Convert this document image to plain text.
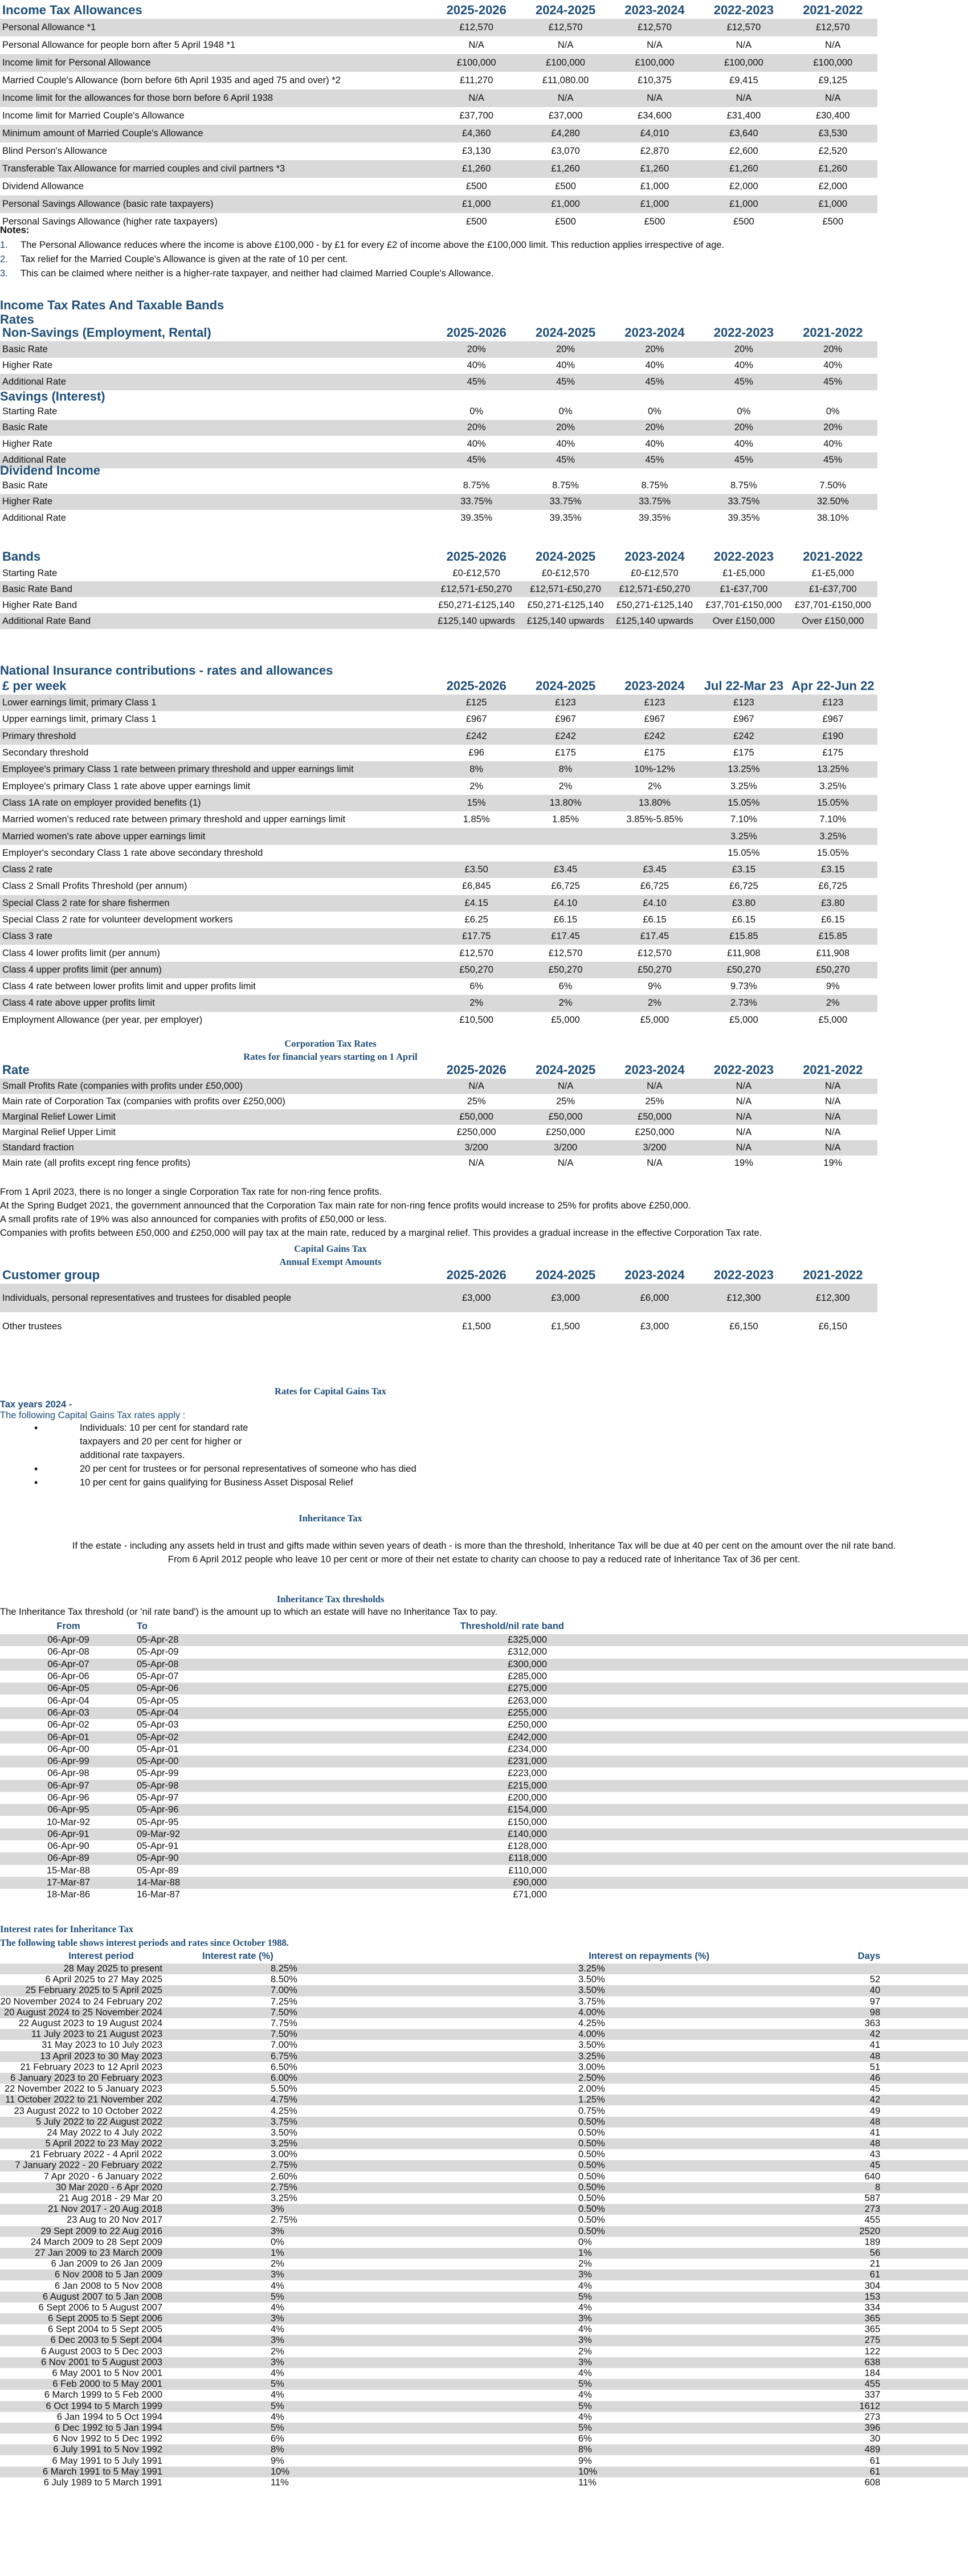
Income Tax Allowances	2025-2026	2024-2025	2023-2024	2022-2023	2021-2022
Personal Allowance *1	£12,570	£12,570	£12,570	£12,570	£12,570
Personal Allowance for people born after 5 April 1948 *1	N/A	N/A	N/A	N/A	N/A
Income limit for Personal Allowance	£100,000	£100,000	£100,000	£100,000	£100,000
Married Couple's Allowance (born before 6th April 1935 and aged 75 and over) *2	£11,270	£11,080.00	£10,375	£9,415	£9,125
Income limit for the allowances for those born before 6 April 1938	N/A	N/A	N/A	N/A	N/A
Income limit for Married Couple's Allowance	£37,700	£37,000	£34,600	£31,400	£30,400
Minimum amount of Married Couple's Allowance	£4,360	£4,280	£4,010	£3,640	£3,530
Blind Person's Allowance	£3,130	£3,070	£2,870	£2,600	£2,520
Transferable Tax Allowance for married couples and civil partners *3	£1,260	£1,260	£1,260	£1,260	£1,260
Dividend Allowance	£500	£500	£1,000	£2,000	£2,000
Personal Savings Allowance (basic rate taxpayers)	£1,000	£1,000	£1,000	£1,000	£1,000
Personal Savings Allowance (higher rate taxpayers)	£500	£500	£500	£500	£500
Notes:
1. The Personal Allowance reduces where the income is above £100,000 - by £1 for every £2 of income above the £100,000 limit. This reduction applies irrespective of age.
2. Tax relief for the Married Couple's Allowance is given at the rate of 10 per cent.
3. This can be claimed where neither is a higher-rate taxpayer, and neither had claimed Married Couple's Allowance.
Income Tax Rates And Taxable Bands
Rates
Non-Savings (Employment, Rental)	2025-2026	2024-2025	2023-2024	2022-2023	2021-2022
Basic Rate	20%	20%	20%	20%	20%
Higher Rate	40%	40%	40%	40%	40%
Additional Rate	45%	45%	45%	45%	45%
Savings (Interest)
Starting Rate	0%	0%	0%	0%	0%
Basic Rate	20%	20%	20%	20%	20%
Higher Rate	40%	40%	40%	40%	40%
Additional Rate	45%	45%	45%	45%	45%
Dividend Income
Basic Rate	8.75%	8.75%	8.75%	8.75%	7.50%
Higher Rate	33.75%	33.75%	33.75%	33.75%	32.50%
Additional Rate	39.35%	39.35%	39.35%	39.35%	38.10%
Bands	2025-2026	2024-2025	2023-2024	2022-2023	2021-2022
Starting Rate	£0-£12,570	£0-£12,570	£0-£12,570	£1-£5,000	£1-£5,000
Basic Rate Band	£12,571-£50,270	£12,571-£50,270	£12,571-£50,270	£1-£37,700	£1-£37,700
Higher Rate Band	£50,271-£125,140	£50,271-£125,140	£50,271-£125,140	£37,701-£150,000	£37,701-£150,000
Additional Rate Band	£125,140 upwards	£125,140 upwards	£125,140 upwards	Over £150,000	Over £150,000
National Insurance contributions - rates and allowances
£ per week	2025-2026	2024-2025	2023-2024	Jul 22-Mar 23	Apr 22-Jun 22
Lower earnings limit, primary Class 1	£125	£123	£123	£123	£123
Upper earnings limit, primary Class 1	£967	£967	£967	£967	£967
Primary threshold	£242	£242	£242	£242	£190
Secondary threshold	£96	£175	£175	£175	£175
Employee's primary Class 1 rate between primary threshold and upper earnings limit	8%	8%	10%-12%	13.25%	13.25%
Employee's primary Class 1 rate above upper earnings limit	2%	2%	2%	3.25%	3.25%
Class 1A rate on employer provided benefits (1)	15%	13.80%	13.80%	15.05%	15.05%
Married women's reduced rate between primary threshold and upper earnings limit	1.85%	1.85%	3.85%-5.85%	7.10%	7.10%
Married women's rate above upper earnings limit				3.25%	3.25%
Employer's secondary Class 1 rate above secondary threshold				15.05%	15.05%
Class 2 rate	£3.50	£3.45	£3.45	£3.15	£3.15
Class 2 Small Profits Threshold (per annum)	£6,845	£6,725	£6,725	£6,725	£6,725
Special Class 2 rate for share fishermen	£4.15	£4.10	£4.10	£3.80	£3.80
Special Class 2 rate for volunteer development workers	£6.25	£6.15	£6.15	£6.15	£6.15
Class 3 rate	£17.75	£17.45	£17.45	£15.85	£15.85
Class 4 lower profits limit (per annum)	£12,570	£12,570	£12,570	£11,908	£11,908
Class 4 upper profits limit (per annum)	£50,270	£50,270	£50,270	£50,270	£50,270
Class 4 rate between lower profits limit and upper profits limit	6%	6%	9%	9.73%	9%
Class 4 rate above upper profits limit	2%	2%	2%	2.73%	2%
Employment Allowance (per year, per employer)	£10,500	£5,000	£5,000	£5,000	£5,000
Corporation Tax Rates
Rates for financial years starting on 1 April
Rate	2025-2026	2024-2025	2023-2024	2022-2023	2021-2022
Small Profits Rate (companies with profits under £50,000)	N/A	N/A	N/A	N/A	N/A
Main rate of Corporation Tax (companies with profits over £250,000)	25%	25%	25%	N/A	N/A
Marginal Relief Lower Limit	£50,000	£50,000	£50,000	N/A	N/A
Marginal Relief Upper Limit	£250,000	£250,000	£250,000	N/A	N/A
Standard fraction	3/200	3/200	3/200	N/A	N/A
Main rate (all profits except ring fence profits)	N/A	N/A	N/A	19%	19%

From 1 April 2023, there is no longer a single Corporation Tax rate for non-ring fence profits.

At the Spring Budget 2021, the government announced that the Corporation Tax main rate for non-ring fence profits would increase to 25% for profits above £250,000.

A small profits rate of 19% was also announced for companies with profits of £50,000 or less.

Companies with profits between £50,000 and £250,000 will pay tax at the main rate, reduced by a marginal relief. This provides a gradual increase in the effective Corporation Tax rate.

Capital Gains Tax
Annual Exempt Amounts
Customer group	2025-2026	2024-2025	2023-2024	2022-2023	2021-2022
Individuals, personal representatives and trustees for disabled people	£3,000	£3,000	£6,000	£12,300	£12,300
Other trustees	£1,500	£1,500	£3,000	£6,150	£6,150
Rates for Capital Gains Tax
Tax years 2024 -
The following Capital Gains Tax rates apply :
•	Individuals: 10 per cent for standard rate taxpayers and 20 per cent for higher or additional rate taxpayers.
•	20 per cent for trustees or for personal representatives of someone who has died
•	10 per cent for gains qualifying for Business Asset Disposal Relief
Inheritance Tax
If the estate - including any assets held in trust and gifts made within seven years of death - is more than the threshold, Inheritance Tax will be due at 40 per cent on the amount over the nil rate band.
From 6 April 2012 people who leave 10 per cent or more of their net estate to charity can choose to pay a reduced rate of Inheritance Tax of 36 per cent.
Inheritance Tax thresholds
The Inheritance Tax threshold (or 'nil rate band') is the amount up to which an estate will have no Inheritance Tax to pay.
From	To	Threshold/nil rate band	
06-Apr-09	05-Apr-28	£325,000	
06-Apr-08	05-Apr-09	£312,000	
06-Apr-07	05-Apr-08	£300,000	
06-Apr-06	05-Apr-07	£285,000	
06-Apr-05	05-Apr-06	£275,000	
06-Apr-04	05-Apr-05	£263,000	
06-Apr-03	05-Apr-04	£255,000	
06-Apr-02	05-Apr-03	£250,000	
06-Apr-01	05-Apr-02	£242,000	
06-Apr-00	05-Apr-01	£234,000	
06-Apr-99	05-Apr-00	£231,000	
06-Apr-98	05-Apr-99	£223,000	
06-Apr-97	05-Apr-98	£215,000	
06-Apr-96	05-Apr-97	£200,000	
06-Apr-95	05-Apr-96	£154,000	
10-Mar-92	05-Apr-95	£150,000	
06-Apr-91	09-Mar-92	£140,000	
06-Apr-90	05-Apr-91	£128,000	
06-Apr-89	05-Apr-90	£118,000	
15-Mar-88	05-Apr-89	£110,000	
17-Mar-87	14-Mar-88	£90,000	
18-Mar-86	16-Mar-87	£71,000	
Interest rates for Inheritance Tax
The following table shows interest periods and rates since October 1988.
Interest period	Interest rate (%)	Interest on repayments (%)	Days	
28 May 2025 to present	8.25%	3.25%		
6 April 2025 to 27 May 2025	8.50%	3.50%	52	
25 February 2025 to 5 April 2025	7.00%	3.50%	40	
20 November 2024 to 24 February 202	7.25%	3.75%	97	
20 August 2024 to 25 November 2024	7.50%	4.00%	98	
22 August 2023 to 19 August 2024	7.75%	4.25%	363	
11 July 2023 to 21 August 2023	7.50%	4.00%	42	
31 May 2023 to 10 July 2023	7.00%	3.50%	41	
13 April 2023 to 30 May 2023	6.75%	3.25%	48	
21 February 2023 to 12 April 2023	6.50%	3.00%	51	
6 January 2023 to 20 February 2023	6.00%	2.50%	46	
22 November 2022 to 5 January 2023	5.50%	2.00%	45	
11 October 2022 to 21 November 202	4.75%	1.25%	42	
23 August 2022 to 10 October 2022	4.25%	0.75%	49	
5 July 2022 to 22 August 2022	3.75%	0.50%	48	
24 May 2022 to 4 July 2022	3.50%	0.50%	41	
5 April 2022 to 23 May 2022	3.25%	0.50%	48	
21 February 2022 - 4 April 2022	3.00%	0.50%	43	
7 January 2022 - 20 February 2022	2.75%	0.50%	45	
7 Apr 2020 - 6 January 2022	2.60%	0.50%	640	
30 Mar 2020 - 6 Apr 2020	2.75%	0.50%	8	
21 Aug 2018 - 29 Mar 20	3.25%	0.50%	587	
21 Nov 2017 - 20 Aug 2018	3%	0.50%	273	
23 Aug to 20 Nov 2017	2.75%	0.50%	455	
29 Sept 2009 to 22 Aug 2016	3%	0.50%	2520	
24 March 2009 to 28 Sept 2009	0%	0%	189	
27 Jan 2009 to 23 March 2009	1%	1%	56	
6 Jan 2009 to 26 Jan 2009	2%	2%	21	
6 Nov 2008 to 5 Jan 2009	3%	3%	61	
6 Jan 2008 to 5 Nov 2008	4%	4%	304	
6 August 2007 to 5 Jan 2008	5%	5%	153	
6 Sept 2006 to 5 August 2007	4%	4%	334	
6 Sept 2005 to 5 Sept 2006	3%	3%	365	
6 Sept 2004 to 5 Sept 2005	4%	4%	365	
6 Dec 2003 to 5 Sept 2004	3%	3%	275	
6 August 2003 to 5 Dec 2003	2%	2%	122	
6 Nov 2001 to 5 August 2003	3%	3%	638	
6 May 2001 to 5 Nov 2001	4%	4%	184	
6 Feb 2000 to 5 May 2001	5%	5%	455	
6 March 1999 to 5 Feb 2000	4%	4%	337	
6 Oct 1994 to 5 March 1999	5%	5%	1612	
6 Jan 1994 to 5 Oct 1994	4%	4%	273	
6 Dec 1992 to 5 Jan 1994	5%	5%	396	
6 Nov 1992 to 5 Dec 1992	6%	6%	30	
6 July 1991 to 5 Nov 1992	8%	8%	489	
6 May 1991 to 5 July 1991	9%	9%	61	
6 March 1991 to 5 May 1991	10%	10%	61	
6 July 1989 to 5 March 1991	11%	11%	608	
